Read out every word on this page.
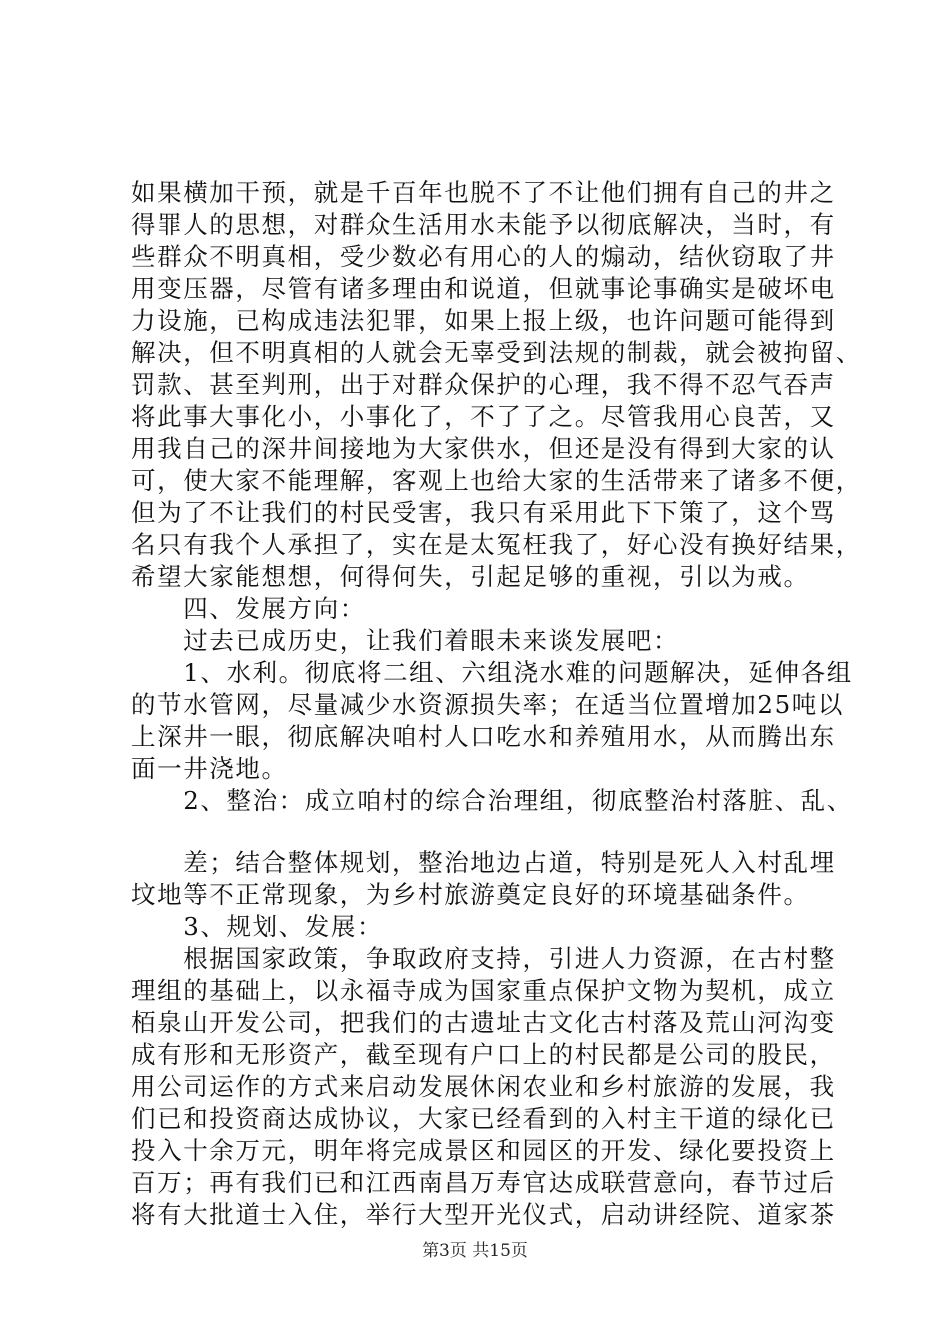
如果横加干预，就是千百年也脱不了不让他们拥有自己的井之
得罪人的思想，对群众生活用水未能予以彻底解决，当时，有
些群众不明真相，受少数必有用心的人的煽动，结伙窃取了井
用变压器，尽管有诸多理由和说道，但就事论事确实是破坏电
力设施，已构成违法犯罪，如果上报上级，也许问题可能得到
解决，但不明真相的人就会无辜受到法规的制裁，就会被拘留、
罚款、甚至判刑，出于对群众保护的心理，我不得不忍气吞声
将此事大事化小，小事化了，不了了之。尽管我用心良苦，又
用我自己的深井间接地为大家供水，但还是没有得到大家的认
可，使大家不能理解，客观上也给大家的生活带来了诸多不便，
但为了不让我们的村民受害，我只有采用此下下策了，这个骂
名只有我个人承担了，实在是太冤枉我了，好心没有换好结果，
希望大家能想想，何得何失，引起足够的重视，引以为戒。
　　四、发展方向：
　　过去已成历史，让我们着眼未来谈发展吧：
　　1、水利。彻底将二组、六组浇水难的问题解决，延伸各组
的节水管网，尽量减少水资源损失率；在适当位置增加25吨以
上深井一眼，彻底解决咱村人口吃水和养殖用水，从而腾出东
面一井浇地。
　　2、整治：成立咱村的综合治理组，彻底整治村落脏、乱、
　　差；结合整体规划，整治地边占道，特别是死人入村乱埋
坟地等不正常现象，为乡村旅游奠定良好的环境基础条件。
　　3、规划、发展：
　　根据国家政策，争取政府支持，引进人力资源，在古村整
理组的基础上，以永福寺成为国家重点保护文物为契机，成立
栢泉山开发公司，把我们的古遗址古文化古村落及荒山河沟变
成有形和无形资产，截至现有户口上的村民都是公司的股民，
用公司运作的方式来启动发展休闲农业和乡村旅游的发展，我
们已和投资商达成协议，大家已经看到的入村主干道的绿化已
投入十余万元，明年将完成景区和园区的开发、绿化要投资上
百万；再有我们已和江西南昌万寿官达成联营意向，春节过后
将有大批道士入住，举行大型开光仪式，启动讲经院、道家茶
第3页 共15页
